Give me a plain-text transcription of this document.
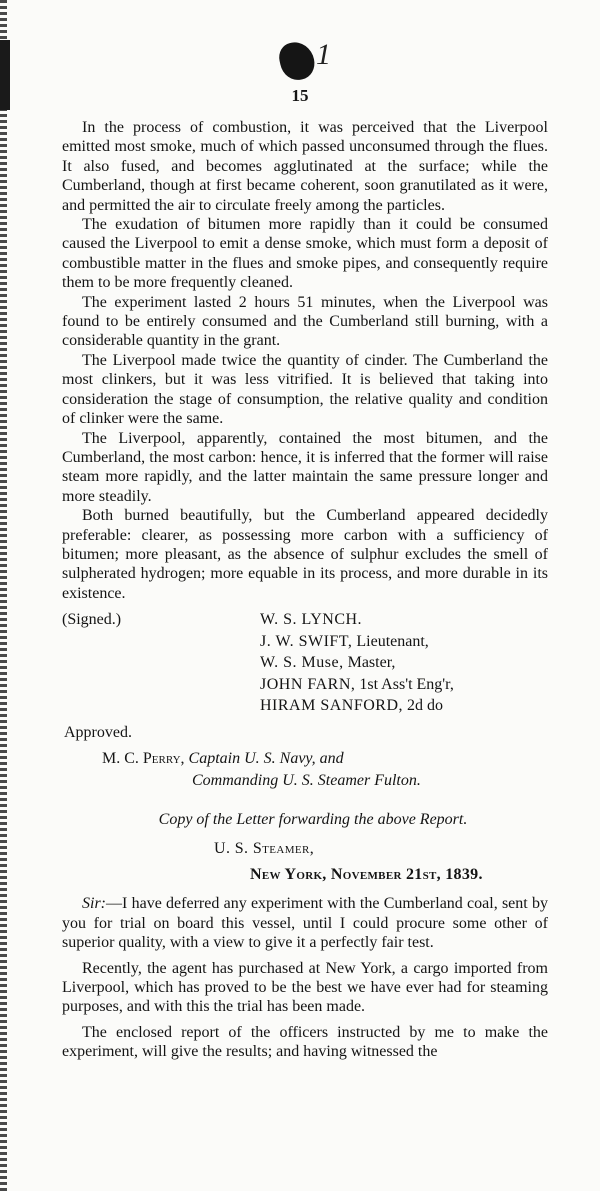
1
15

In the process of combustion, it was perceived that the Liverpool emitted most smoke, much of which passed unconsumed through the flues. It also fused, and becomes agglutinated at the surface; while the Cumberland, though at first became coherent, soon granutilated as it were, and permitted the air to circulate freely among the particles.

The exudation of bitumen more rapidly than it could be consumed caused the Liverpool to emit a dense smoke, which must form a deposit of combustible matter in the flues and smoke pipes, and consequently require them to be more frequently cleaned.

The experiment lasted 2 hours 51 minutes, when the Liverpool was found to be entirely consumed and the Cumberland still burning, with a considerable quantity in the grant.

The Liverpool made twice the quantity of cinder. The Cumberland the most clinkers, but it was less vitrified. It is believed that taking into consideration the stage of consumption, the relative quality and condition of clinker were the same.

The Liverpool, apparently, contained the most bitumen, and the Cumberland, the most carbon: hence, it is inferred that the former will raise steam more rapidly, and the latter maintain the same pressure longer and more steadily.

Both burned beautifully, but the Cumberland appeared decidedly preferable: clearer, as possessing more carbon with a sufficiency of bitumen; more pleasant, as the absence of sulphur excludes the smell of sulpherated hydrogen; more equable in its process, and more durable in its existence.

(Signed.)	W. S. LYNCH.
J. W. SWIFT, Lieutenant,
W. S. Muse, Master,
JOHN FARN, 1st Ass't Eng'r,
HIRAM SANFORD, 2d do
Approved.
M. C. Perry, Captain U. S. Navy, and
Commanding U. S. Steamer Fulton.
Copy of the Letter forwarding the above Report.
U. S. Steamer,
New York, November 21st, 1839.

Sir:—I have deferred any experiment with the Cumberland coal, sent by you for trial on board this vessel, until I could procure some other of superior quality, with a view to give it a perfectly fair test.

Recently, the agent has purchased at New York, a cargo imported from Liverpool, which has proved to be the best we have ever had for steaming purposes, and with this the trial has been made.

The enclosed report of the officers instructed by me to make the experiment, will give the results; and having witnessed the
